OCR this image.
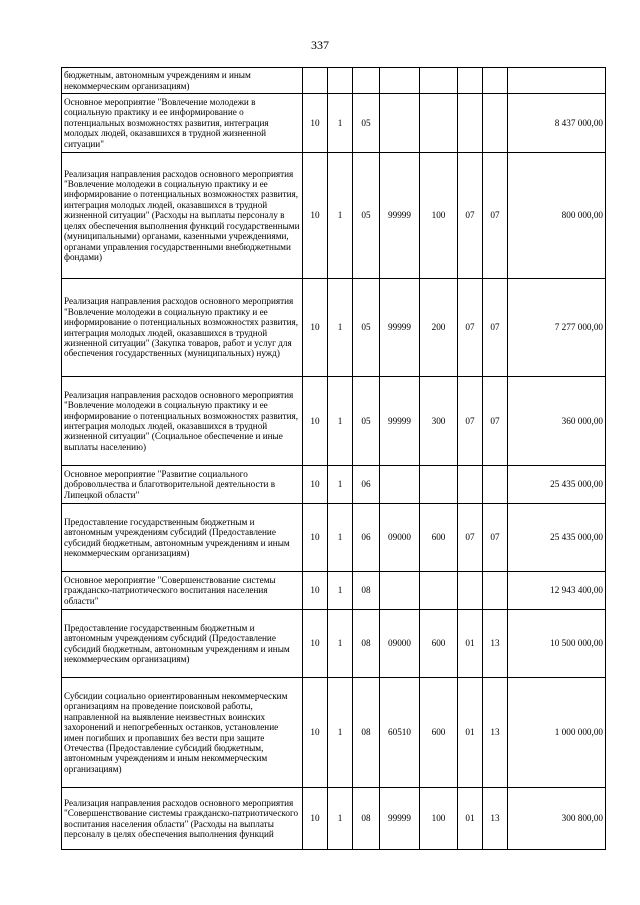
337
бюджетным, автономным учреждениям и иным некоммерческим организациям)								
Основное мероприятие "Вовлечение молодежи в социальную практику и ее информирование о потенциальных возможностях развития, интеграция молодых людей, оказавшихся в трудной жизненной ситуации"	10	1	05					8 437 000,00
Реализация направления расходов основного мероприятия "Вовлечение молодежи в социальную практику и ее информирование о потенциальных возможностях развития, интеграция молодых людей, оказавшихся в трудной жизненной ситуации" (Расходы на выплаты персоналу в целях обеспечения выполнения функций государственными (муниципальными) органами, казенными учреждениями, органами управления государственными внебюджетными фондами)	10	1	05	99999	100	07	07	800 000,00
Реализация направления расходов основного мероприятия "Вовлечение молодежи в социальную практику и ее информирование о потенциальных возможностях развития, интеграция молодых людей, оказавшихся в трудной жизненной ситуации" (Закупка товаров, работ и услуг для обеспечения государственных (муниципальных) нужд)	10	1	05	99999	200	07	07	7 277 000,00
Реализация направления расходов основного мероприятия "Вовлечение молодежи в социальную практику и ее информирование о потенциальных возможностях развития, интеграция молодых людей, оказавшихся в трудной жизненной ситуации" (Социальное обеспечение и иные выплаты населению)	10	1	05	99999	300	07	07	360 000,00
Основное мероприятие "Развитие социального добровольчества и благотворительной деятельности в Липецкой области"	10	1	06					25 435 000,00
Предоставление государственным бюджетным и автономным учреждениям субсидий (Предоставление субсидий бюджетным, автономным учреждениям и иным некоммерческим организациям)	10	1	06	09000	600	07	07	25 435 000,00
Основное мероприятие "Совершенствование системы гражданско-патриотического воспитания населения области"	10	1	08					12 943 400,00
Предоставление государственным бюджетным и автономным учреждениям субсидий (Предоставление субсидий бюджетным, автономным учреждениям и иным некоммерческим организациям)	10	1	08	09000	600	01	13	10 500 000,00
Субсидии социально ориентированным некоммерческим организациям на проведение поисковой работы, направленной на выявление неизвестных воинских захоронений и непогребенных останков, установление имен погибших и пропавших без вести при защите Отечества (Предоставление субсидий бюджетным, автономным учреждениям и иным некоммерческим организациям)	10	1	08	60510	600	01	13	1 000 000,00
Реализация направления расходов основного мероприятия "Совершенствование системы гражданско-патриотического воспитания населения области" (Расходы на выплаты персоналу в целях обеспечения выполнения функций	10	1	08	99999	100	01	13	300 800,00
